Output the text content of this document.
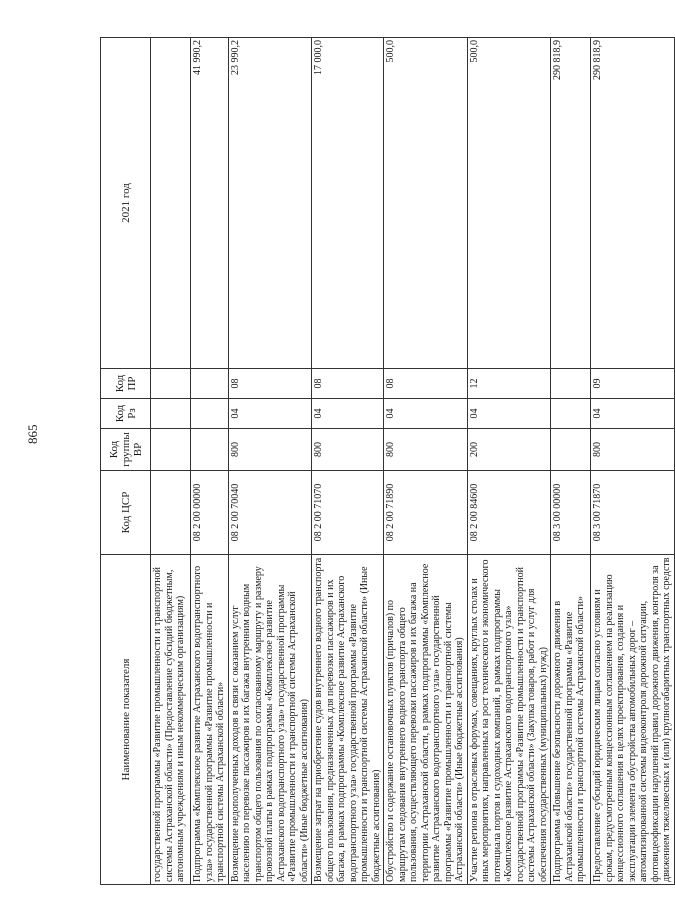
865
Наименование показателя	Код ЦСР	Код группы ВР	Код Рз	Код ПР	2021 год
государственной программы «Развитие промышленности и транспортной системы Астраханской области» (Предоставление субсидий бюджетным, автономным учреждениям и иным некоммерческим организациям)					
Подпрограмма «Комплексное развитие Астраханского водотранспортного узла» государственной программы «Развитие промышленности и транспортной системы Астраханской области»	08 2 00 00000				41 990,2
Возмещение недополученных доходов в связи с оказанием услуг населению по перевозке пассажиров и их багажа внутренним водным транспортом общего пользования по согласованному маршруту и размеру провозной платы в рамках подпрограммы «Комплексное развитие Астраханского водотранспортного узла» государственной программы «Развитие промышленности и транспортной системы Астраханской области» (Иные бюджетные ассигнования)	08 2 00 70040	800	04	08	23 990,2
Возмещение затрат на приобретение судов внутреннего водного транспорта общего пользования, предназначенных для перевозки пассажиров и их багажа, в рамках подпрограммы «Комплексное развитие Астраханского водотранспортного узла» государственной программы «Развитие промышленности и транспортной системы Астраханской области» (Иные бюджетные ассигнования)	08 2 00 71070	800	04	08	17 000,0
Обустройство и содержание остановочных пунктов (причалов) по маршрутам следования внутреннего водного транспорта общего пользования, осуществляющего перевозки пассажиров и их багажа на территории Астраханской области, в рамках подпрограммы «Комплексное развитие Астраханского водотранспортного узла» государственной программы «Развитие промышленности и транспортной системы Астраханской области» (Иные бюджетные ассигнования)	08 2 00 71890	800	04	08	500,0
Участие региона в отраслевых форумах, совещаниях, круглых столах и иных мероприятиях, направленных на рост технического и экономического потенциала портов и судоходных компаний, в рамках подпрограммы «Комплексное развитие Астраханского водотранспортного узла» государственной программы «Развитие промышленности и транспортной системы Астраханской области» (Закупка товаров, работ и услуг для обеспечения государственных (муниципальных) нужд)	08 2 00 84600	200	04	12	500,0
Подпрограмма «Повышение безопасности дорожного движения в Астраханской области» государственной программы «Развитие промышленности и транспортной системы Астраханской области»	08 3 00 00000				290 818,9
Предоставление субсидий юридическим лицам согласно условиям и срокам, предусмотренным концессионным соглашением на реализацию концессионного соглашения в целях проектирования, создания и эксплуатации элемента обустройства автомобильных дорог – автоматизированной системы видеоконтроля дорожной ситуации, фотовидеофиксации нарушений правил дорожного движения, контроля за движением тяжеловесных и (или) крупногабаритных транспортных средств	08 3 00 71870	800	04	09	290 818,9
